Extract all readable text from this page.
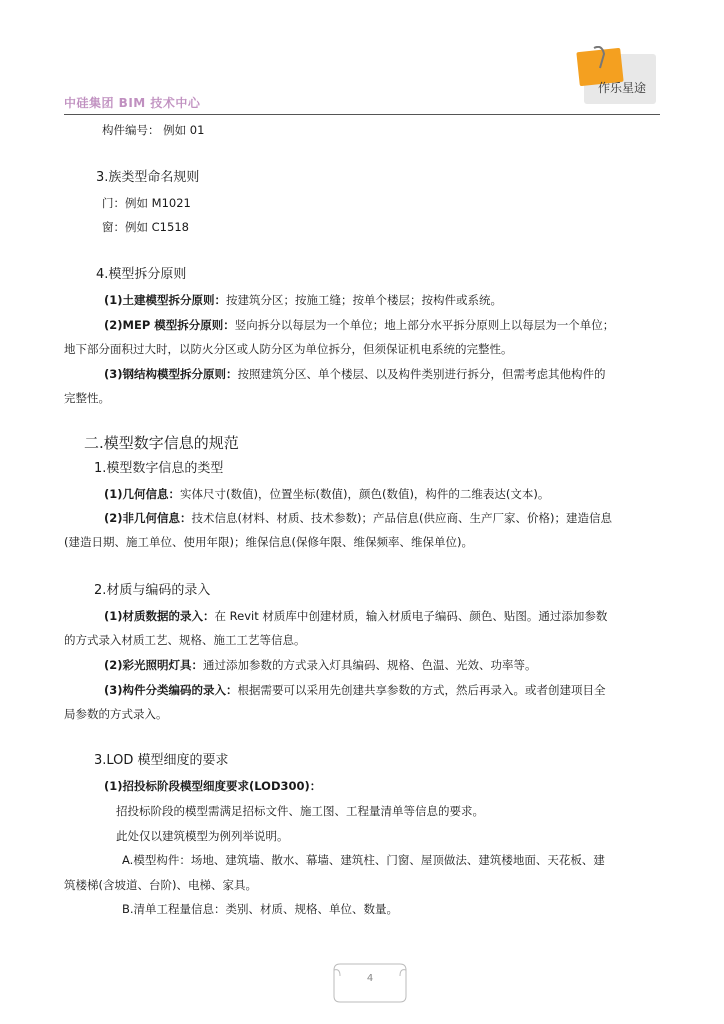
中硅集团 BIM 技术中心
作乐星途
构件编号： 例如 01
3.族类型命名规则
门：例如 M1021
窗：例如 C1518
4.模型拆分原则
(1)土建模型拆分原则：按建筑分区；按施工缝；按单个楼层；按构件或系统。
(2)MEP 模型拆分原则：竖向拆分以每层为一个单位；地上部分水平拆分原则上以每层为一个单位；
地下部分面积过大时，以防火分区或人防分区为单位拆分，但须保证机电系统的完整性。
(3)钢结构模型拆分原则：按照建筑分区、单个楼层、以及构件类别进行拆分，但需考虑其他构件的
完整性。
二.模型数字信息的规范
1.模型数字信息的类型
(1)几何信息：实体尺寸(数值)，位置坐标(数值)，颜色(数值)，构件的二维表达(文本)。
(2)非几何信息：技术信息(材料、材质、技术参数)；产品信息(供应商、生产厂家、价格)；建造信息
(建造日期、施工单位、使用年限)；维保信息(保修年限、维保频率、维保单位)。
2.材质与编码的录入
(1)材质数据的录入：在 Revit 材质库中创建材质，输入材质电子编码、颜色、贴图。通过添加参数
的方式录入材质工艺、规格、施工工艺等信息。
(2)彩光照明灯具：通过添加参数的方式录入灯具编码、规格、色温、光效、功率等。
(3)构件分类编码的录入：根据需要可以采用先创建共享参数的方式，然后再录入。或者创建项目全
局参数的方式录入。
3.LOD 模型细度的要求
(1)招投标阶段模型细度要求(LOD300)：
招投标阶段的模型需满足招标文件、施工图、工程量清单等信息的要求。
此处仅以建筑模型为例列举说明。
A.模型构件：场地、建筑墙、散水、幕墙、建筑柱、门窗、屋顶做法、建筑楼地面、天花板、建
筑楼梯(含坡道、台阶)、电梯、家具。
B.清单工程量信息：类别、材质、规格、单位、数量。
4
